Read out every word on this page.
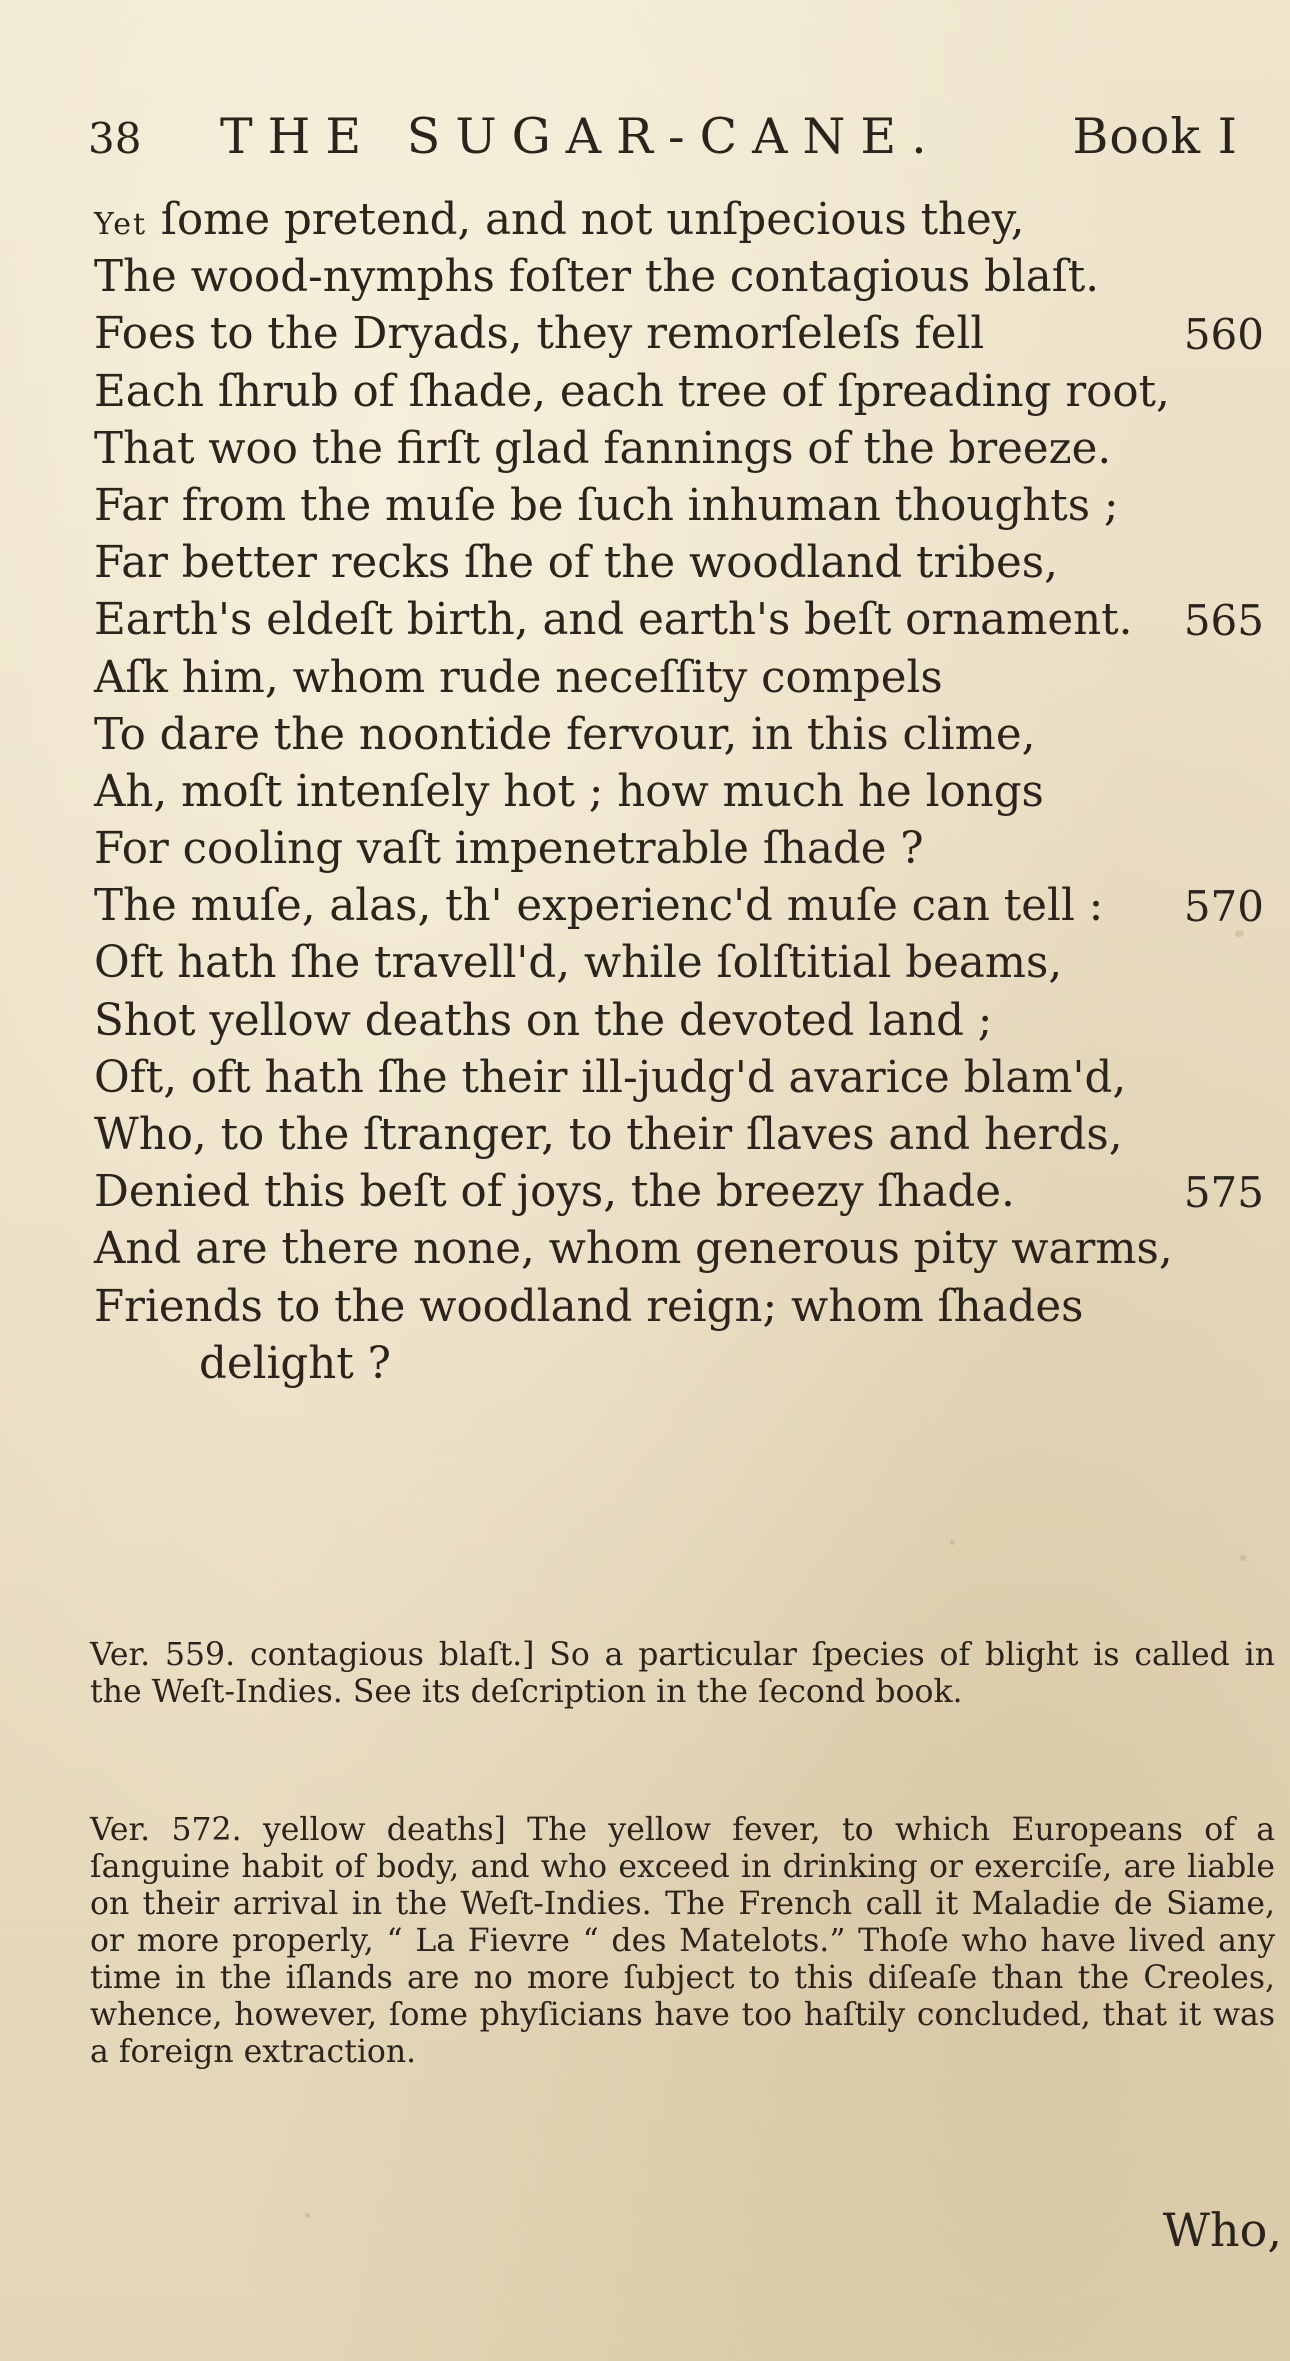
38 THE SUGAR-CANE.	Book I
Yet ſome pretend, and not unſpecious they,
The wood-nymphs foſter the contagious blaſt.
Foes to the Dryads, they remorſeleſs fell	560
Each ſhrub of ſhade, each tree of ſpreading root,
That woo the firſt glad fannings of the breeze.
Far from the muſe be ſuch inhuman thoughts ;
Far better recks ſhe of the woodland tribes,
Earth's eldeſt birth, and earth's beſt ornament. 565
Aſk him, whom rude neceſſity compels
To dare the noontide fervour, in this clime,
Ah, moſt intenſely hot ; how much he longs
For cooling vaſt impenetrable ſhade ?
The muſe, alas, th' experienc'd muſe can tell : 570
Oft hath ſhe travell'd, while ſolſtitial beams,
Shot yellow deaths on the devoted land ;
Oft, oft hath ſhe their ill-judg'd avarice blam'd,
Who, to the ſtranger, to their ſlaves and herds,
Denied this beſt of joys, the breezy ſhade.	575
And are there none, whom generous pity warms,
Friends to the woodland reign; whom ſhades
delight ?

Ver. 559. contagious blaſt.] So a particular ſpecies of blight is called in the Weſt-Indies. See its deſcription in the ſecond book.

Ver. 572. yellow deaths] The yellow fever, to which Europeans of a ſanguine habit of body, and who exceed in drinking or exerciſe, are liable on their arrival in the Weſt-Indies. The French call it Maladie de Siame, or more properly, “ La Fievre “ des Matelots.” Thoſe who have lived any time in the iſlands are no more ſubject to this diſeaſe than the Creoles, whence, however, ſome phyſicians have too haſtily concluded, that it was a foreign extraction.

Who,
